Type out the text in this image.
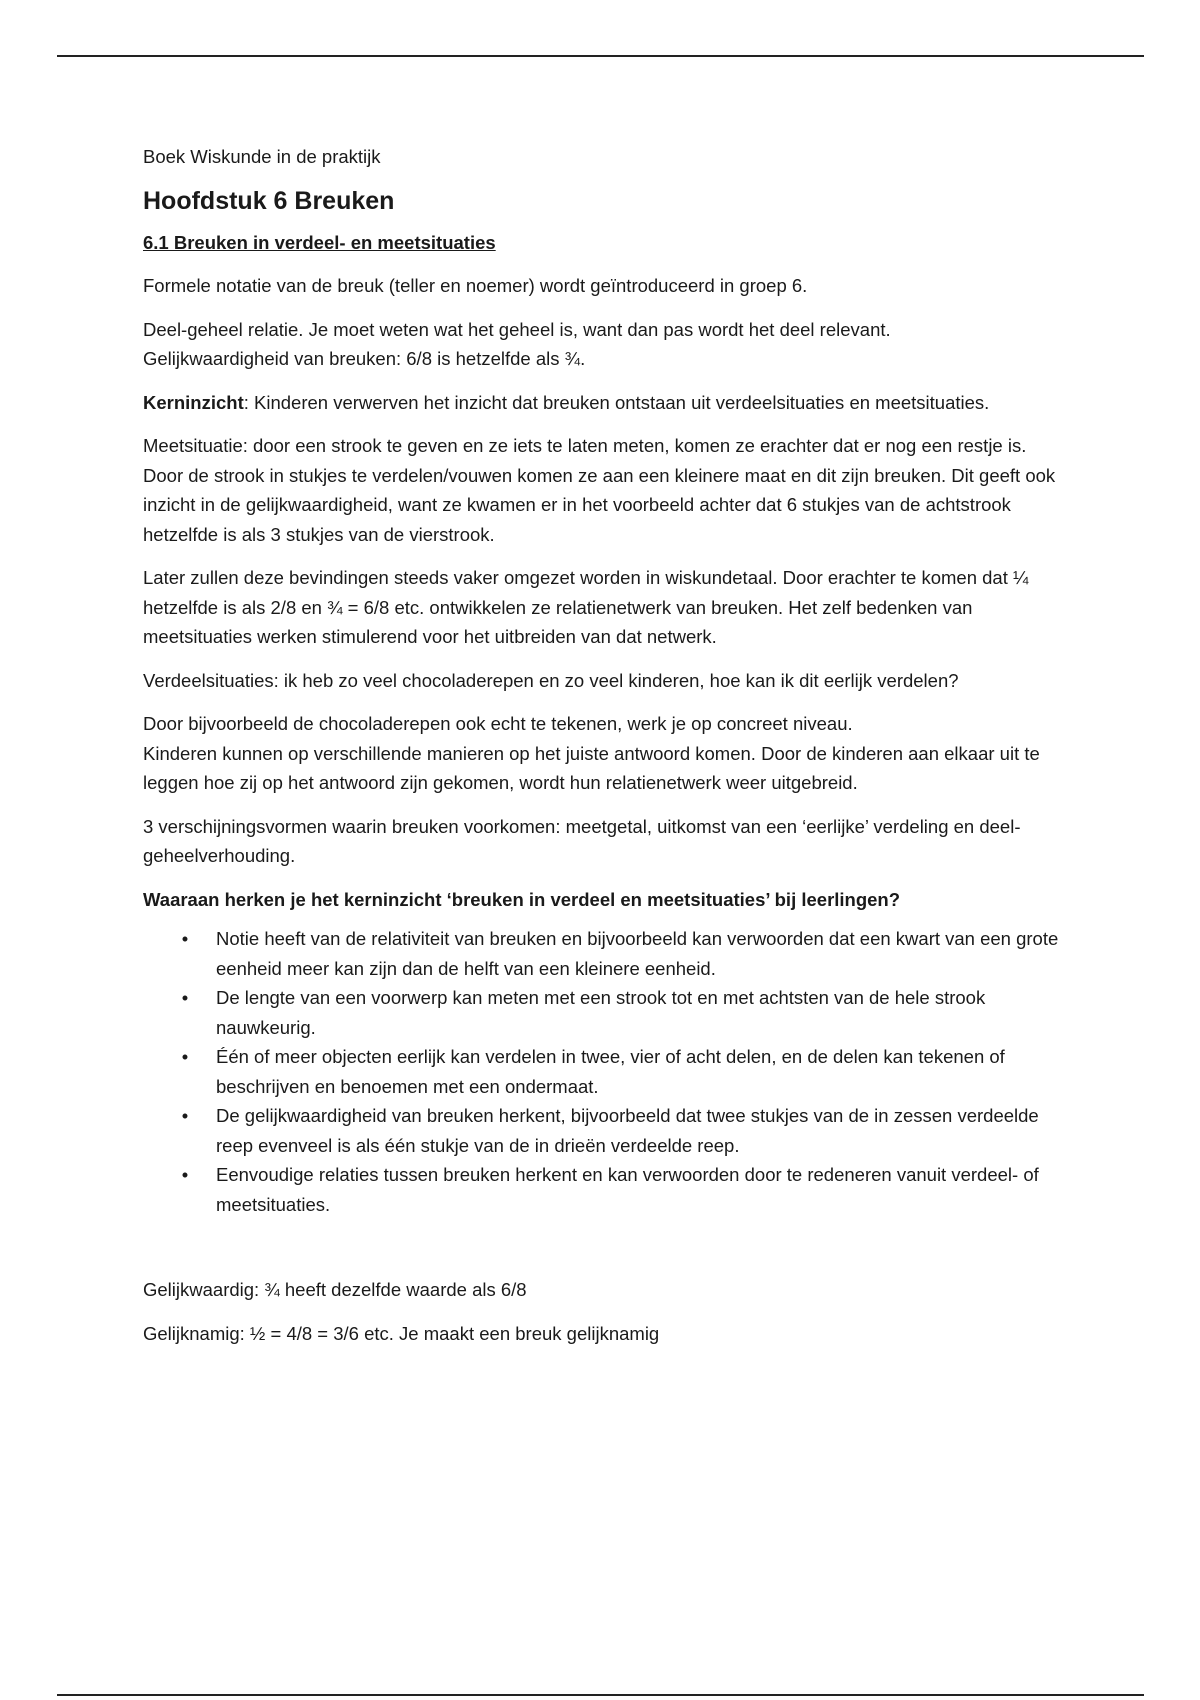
Boek Wiskunde in de praktijk

Hoofdstuk 6 Breuken

6.1 Breuken in verdeel- en meetsituaties

Formele notatie van de breuk (teller en noemer) wordt geïntroduceerd in groep 6.

Deel-geheel relatie. Je moet weten wat het geheel is, want dan pas wordt het deel relevant.
Gelijkwaardigheid van breuken: 6/8 is hetzelfde als ¾.

Kerninzicht: Kinderen verwerven het inzicht dat breuken ontstaan uit verdeelsituaties en meetsituaties.

Meetsituatie: door een strook te geven en ze iets te laten meten, komen ze erachter dat er nog een restje is. Door de strook in stukjes te verdelen/vouwen komen ze aan een kleinere maat en dit zijn breuken. Dit geeft ook inzicht in de gelijkwaardigheid, want ze kwamen er in het voorbeeld achter dat 6 stukjes van de achtstrook hetzelfde is als 3 stukjes van de vierstrook.

Later zullen deze bevindingen steeds vaker omgezet worden in wiskundetaal. Door erachter te komen dat ¼ hetzelfde is als 2/8 en ¾ = 6/8 etc. ontwikkelen ze relatienetwerk van breuken. Het zelf bedenken van meetsituaties werken stimulerend voor het uitbreiden van dat netwerk.

Verdeelsituaties: ik heb zo veel chocoladerepen en zo veel kinderen, hoe kan ik dit eerlijk verdelen?

Door bijvoorbeeld de chocoladerepen ook echt te tekenen, werk je op concreet niveau.
Kinderen kunnen op verschillende manieren op het juiste antwoord komen. Door de kinderen aan elkaar uit te leggen hoe zij op het antwoord zijn gekomen, wordt hun relatienetwerk weer uitgebreid.

3 verschijningsvormen waarin breuken voorkomen: meetgetal, uitkomst van een ‘eerlijke’ verdeling en deel-geheelverhouding.

Waaraan herken je het kerninzicht ‘breuken in verdeel en meetsituaties’ bij leerlingen?

• Notie heeft van de relativiteit van breuken en bijvoorbeeld kan verwoorden dat een kwart van een grote eenheid meer kan zijn dan de helft van een kleinere eenheid.
• De lengte van een voorwerp kan meten met een strook tot en met achtsten van de hele strook nauwkeurig.
• Één of meer objecten eerlijk kan verdelen in twee, vier of acht delen, en de delen kan tekenen of beschrijven en benoemen met een ondermaat.
• De gelijkwaardigheid van breuken herkent, bijvoorbeeld dat twee stukjes van de in zessen verdeelde reep evenveel is als één stukje van de in drieën verdeelde reep.
• Eenvoudige relaties tussen breuken herkent en kan verwoorden door te redeneren vanuit verdeel- of meetsituaties.

Gelijkwaardig: ¾ heeft dezelfde waarde als 6/8

Gelijknamig: ½ = 4/8 = 3/6 etc. Je maakt een breuk gelijknamig
